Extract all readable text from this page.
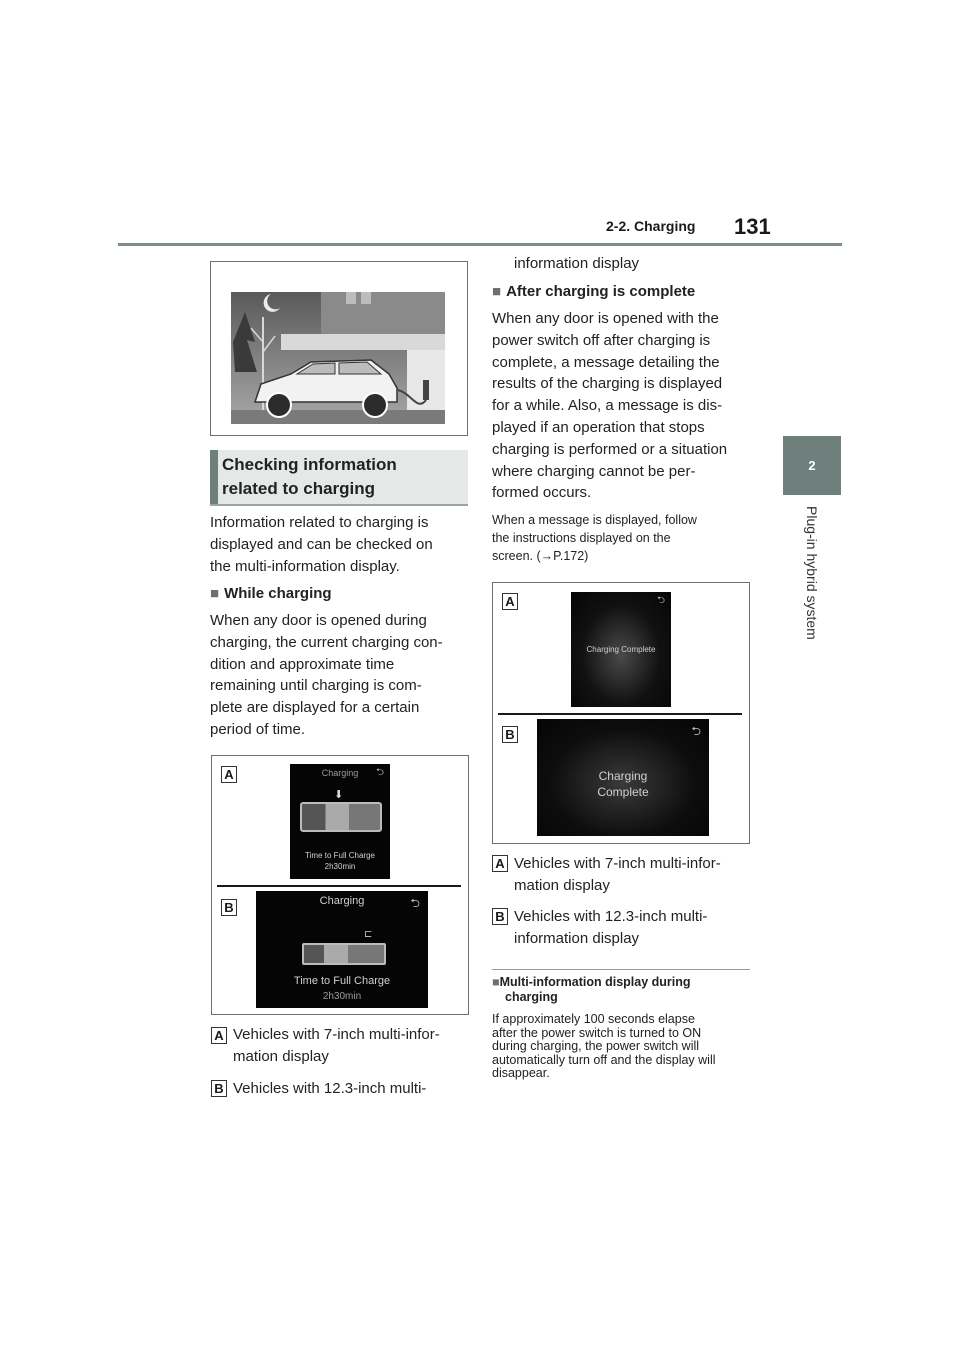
2-2. Charging 131
2
Plug-in hybrid system
Checking information
related to charging
Information related to charging is
displayed and can be checked on
the multi-information display.
■ While charging
When any door is opened during
charging, the current charging con-
dition and approximate time
remaining until charging is com-
plete are displayed for a certain
period of time.
A	⮌
Charging
⬇
Time to Full Charge
2h30min
B	⮌
Charging
⊏
Time to Full Charge
2h30min
A Vehicles with 7-inch multi-infor-
mation display
B Vehicles with 12.3-inch multi-
information display
■ After charging is complete
When any door is opened with the
power switch off after charging is
complete, a message detailing the
results of the charging is displayed
for a while. Also, a message is dis-
played if an operation that stops
charging is performed or a situation
where charging cannot be per-
formed occurs.
When a message is displayed, follow
the instructions displayed on the
screen. (→P.172)
A	⮌
Charging Complete
B	⮌
Charging
Complete
A Vehicles with 7-inch multi-infor-
mation display
B Vehicles with 12.3-inch multi-
information display
■Multi-information display during
charging
If approximately 100 seconds elapse
after the power switch is turned to ON
during charging, the power switch will
automatically turn off and the display will
disappear.
